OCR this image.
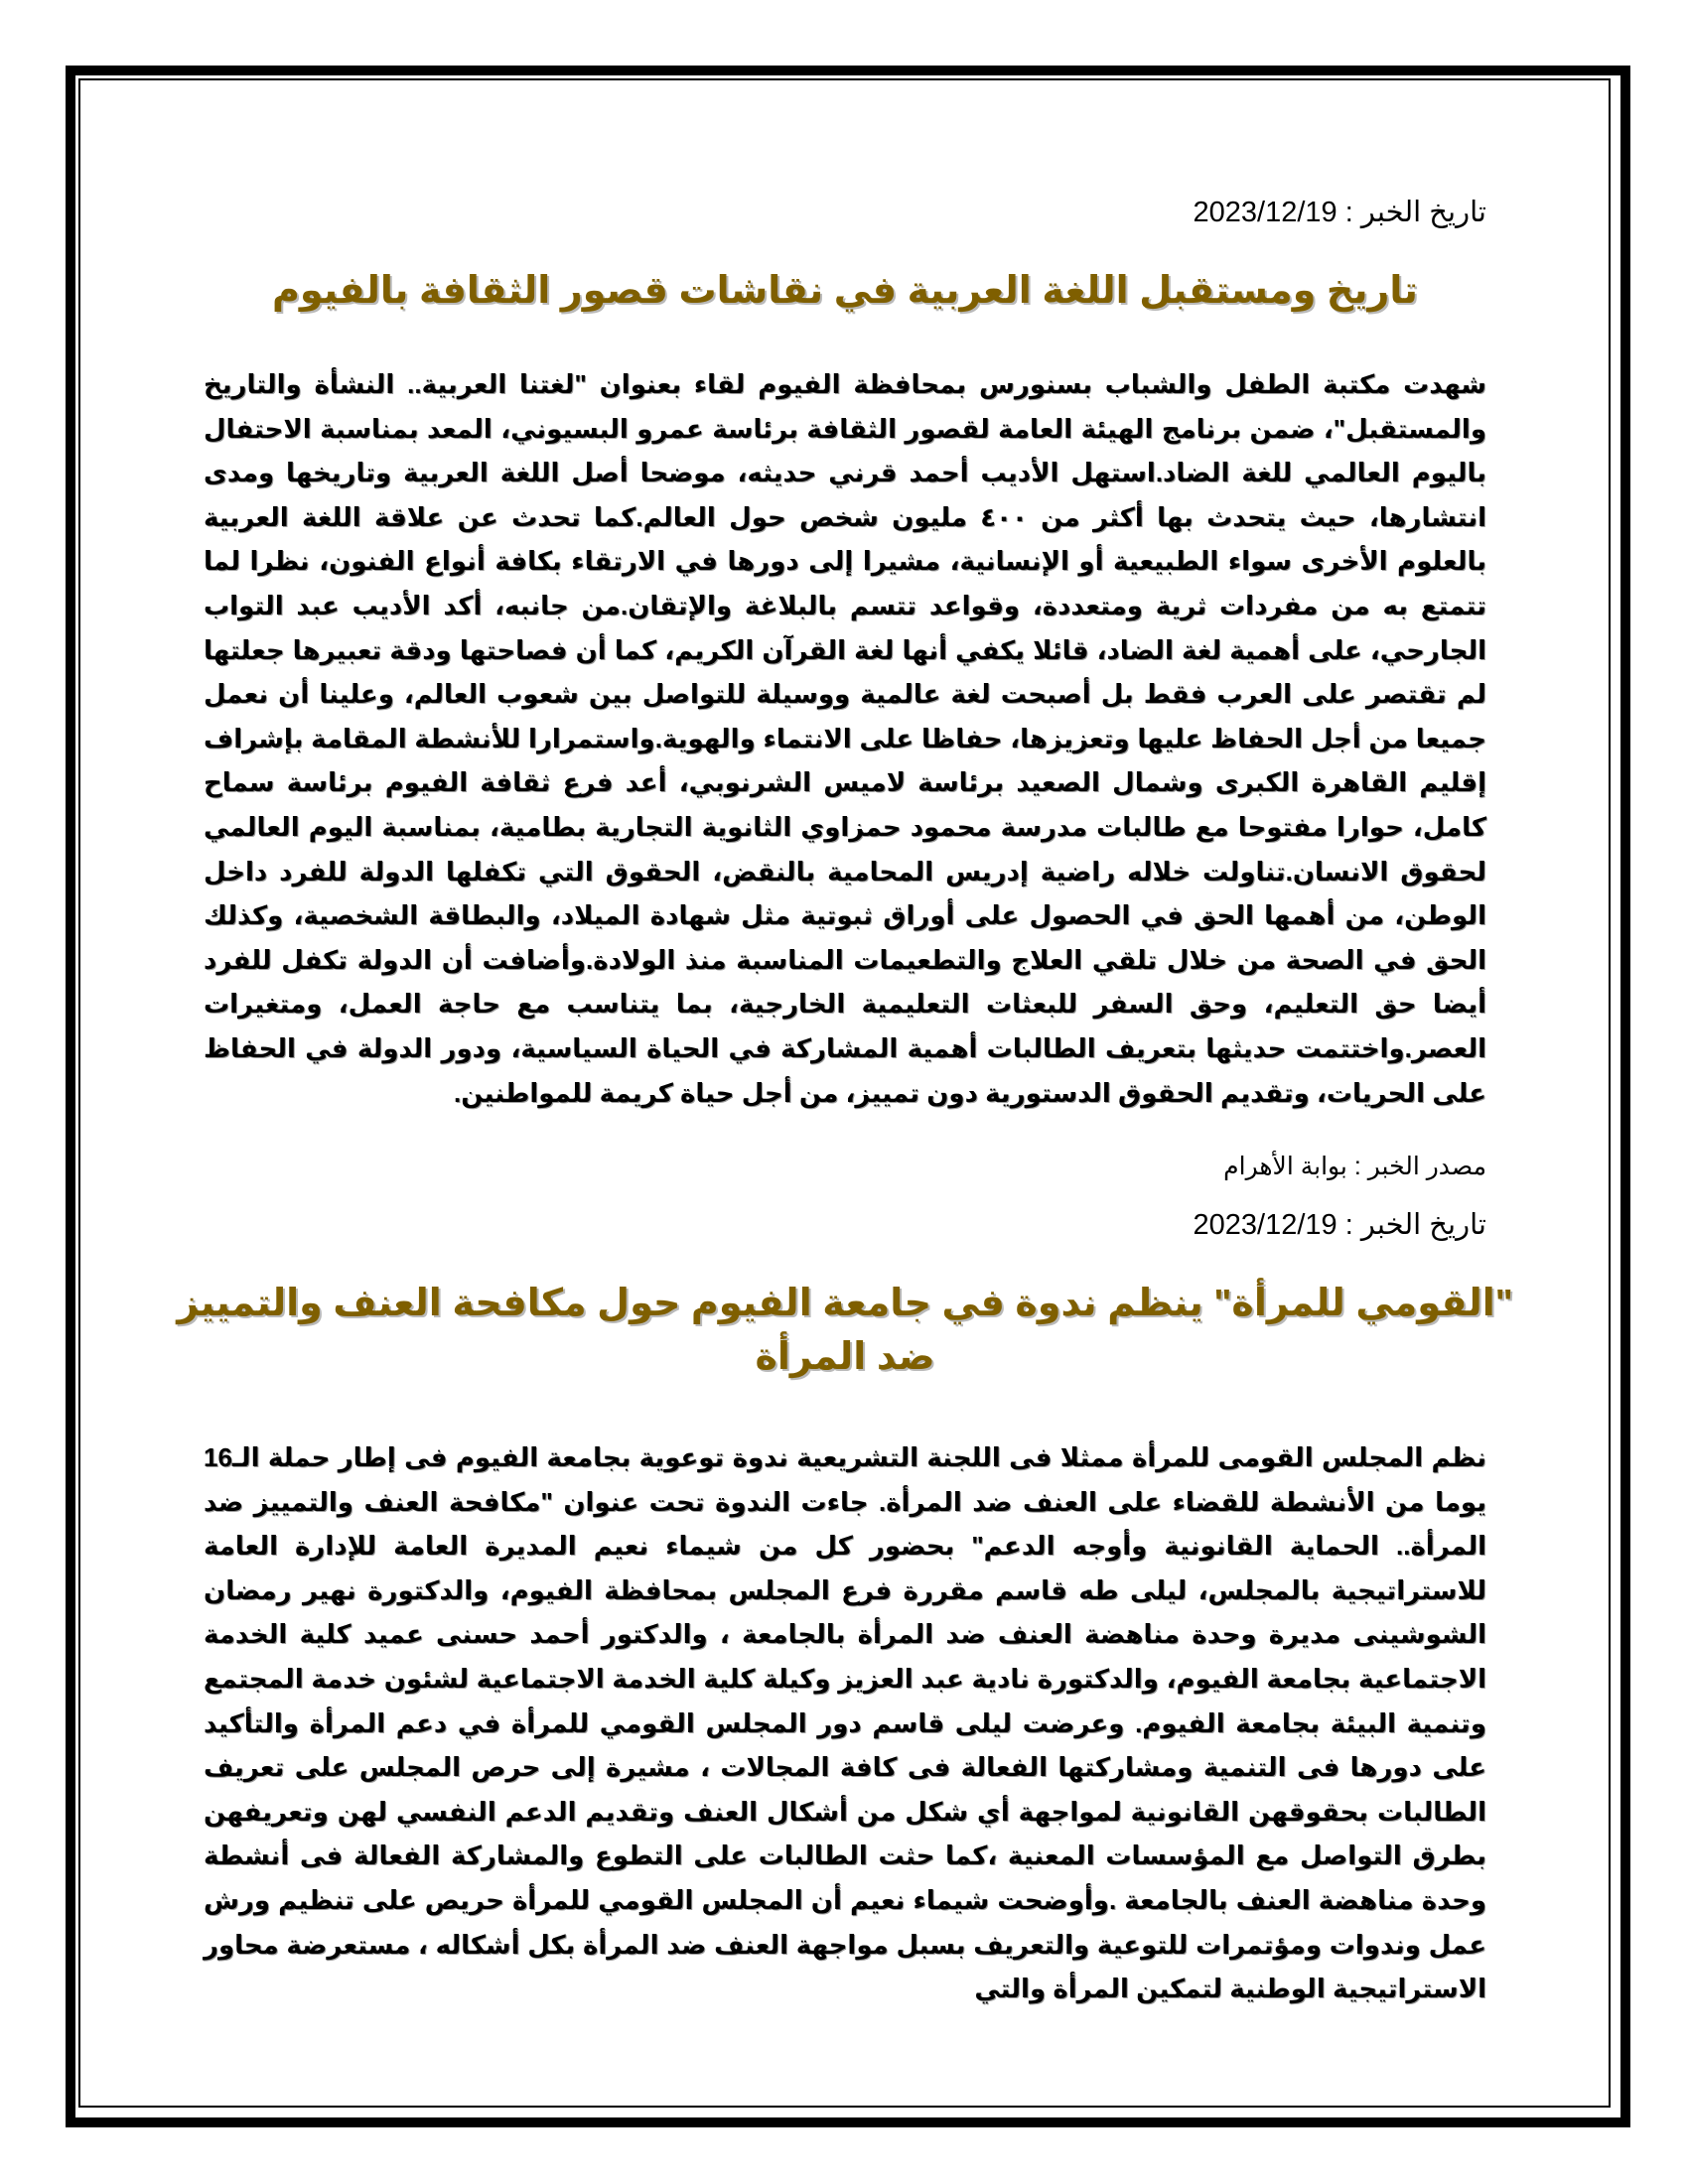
تاريخ الخبر : 2023/12/19
تاريخ ومستقبل اللغة العربية في نقاشات قصور الثقافة بالفيوم
شهدت مكتبة الطفل والشباب بسنورس بمحافظة الفيوم لقاء بعنوان "لغتنا العربية.. النشأة والتاريخ والمستقبل"، ضمن برنامج الهيئة العامة لقصور الثقافة برئاسة عمرو البسيوني، المعد بمناسبة الاحتفال باليوم العالمي للغة الضاد.استهل الأديب أحمد قرني حديثه، موضحا أصل اللغة العربية وتاريخها ومدى انتشارها، حيث يتحدث بها أكثر من ٤٠٠ مليون شخص حول العالم.كما تحدث عن علاقة اللغة العربية بالعلوم الأخرى سواء الطبيعية أو الإنسانية، مشيرا إلى دورها في الارتقاء بكافة أنواع الفنون، نظرا لما تتمتع به من مفردات ثرية ومتعددة، وقواعد تتسم بالبلاغة والإتقان.من جانبه، أكد الأديب عبد التواب الجارحي، على أهمية لغة الضاد، قائلا يكفي أنها لغة القرآن الكريم، كما أن فصاحتها ودقة تعبيرها جعلتها لم تقتصر على العرب فقط بل أصبحت لغة عالمية ووسيلة للتواصل بين شعوب العالم، وعلينا أن نعمل جميعا من أجل الحفاظ عليها وتعزيزها، حفاظا على الانتماء والهوية.واستمرارا للأنشطة المقامة بإشراف إقليم القاهرة الكبرى وشمال الصعيد برئاسة لاميس الشرنوبي، أعد فرع ثقافة الفيوم برئاسة سماح كامل، حوارا مفتوحا مع طالبات مدرسة محمود حمزاوي الثانوية التجارية بطامية، بمناسبة اليوم العالمي لحقوق الانسان.تناولت خلاله راضية إدريس المحامية بالنقض، الحقوق التي تكفلها الدولة للفرد داخل الوطن، من أهمها الحق في الحصول على أوراق ثبوتية مثل شهادة الميلاد، والبطاقة الشخصية، وكذلك الحق في الصحة من خلال تلقي العلاج والتطعيمات المناسبة منذ الولادة.وأضافت أن الدولة تكفل للفرد أيضا حق التعليم، وحق السفر للبعثات التعليمية الخارجية، بما يتناسب مع حاجة العمل، ومتغيرات العصر.واختتمت حديثها بتعريف الطالبات أهمية المشاركة في الحياة السياسية، ودور الدولة في الحفاظ على الحريات، وتقديم الحقوق الدستورية دون تمييز، من أجل حياة كريمة للمواطنين.
مصدر الخبر : بوابة الأهرام
تاريخ الخبر : 2023/12/19
"القومي للمرأة" ينظم ندوة في جامعة الفيوم حول مكافحة العنف والتمييز ضد المرأة
نظم المجلس القومى للمرأة ممثلا فى اللجنة التشريعية ندوة توعوية بجامعة الفيوم فى إطار حملة الـ16 يوما من الأنشطة للقضاء على العنف ضد المرأة. جاءت الندوة تحت عنوان "مكافحة العنف والتمييز ضد المرأة.. الحماية القانونية وأوجه الدعم" بحضور كل من شيماء نعيم المديرة العامة للإدارة العامة للاستراتيجية بالمجلس، ليلى طه قاسم مقررة فرع المجلس بمحافظة الفيوم، والدكتورة نهير رمضان الشوشينى مديرة وحدة مناهضة العنف ضد المرأة بالجامعة ، والدكتور أحمد حسنى عميد كلية الخدمة الاجتماعية بجامعة الفيوم، والدكتورة نادية عبد العزيز وكيلة كلية الخدمة الاجتماعية لشئون خدمة المجتمع وتنمية البيئة بجامعة الفيوم. وعرضت ليلى قاسم دور المجلس القومي للمرأة في دعم المرأة والتأكيد على دورها فى التنمية ومشاركتها الفعالة فى كافة المجالات ، مشيرة إلى حرص المجلس على تعريف الطالبات بحقوقهن القانونية لمواجهة أي شكل من أشكال العنف وتقديم الدعم النفسي لهن وتعريفهن بطرق التواصل مع المؤسسات المعنية ،كما حثت الطالبات على التطوع والمشاركة الفعالة فى أنشطة وحدة مناهضة العنف بالجامعة .وأوضحت شيماء نعيم أن المجلس القومي للمرأة حريص على تنظيم ورش عمل وندوات ومؤتمرات للتوعية والتعريف بسبل مواجهة العنف ضد المرأة بكل أشكاله ، مستعرضة محاور الاستراتيجية الوطنية لتمكين المرأة والتي
